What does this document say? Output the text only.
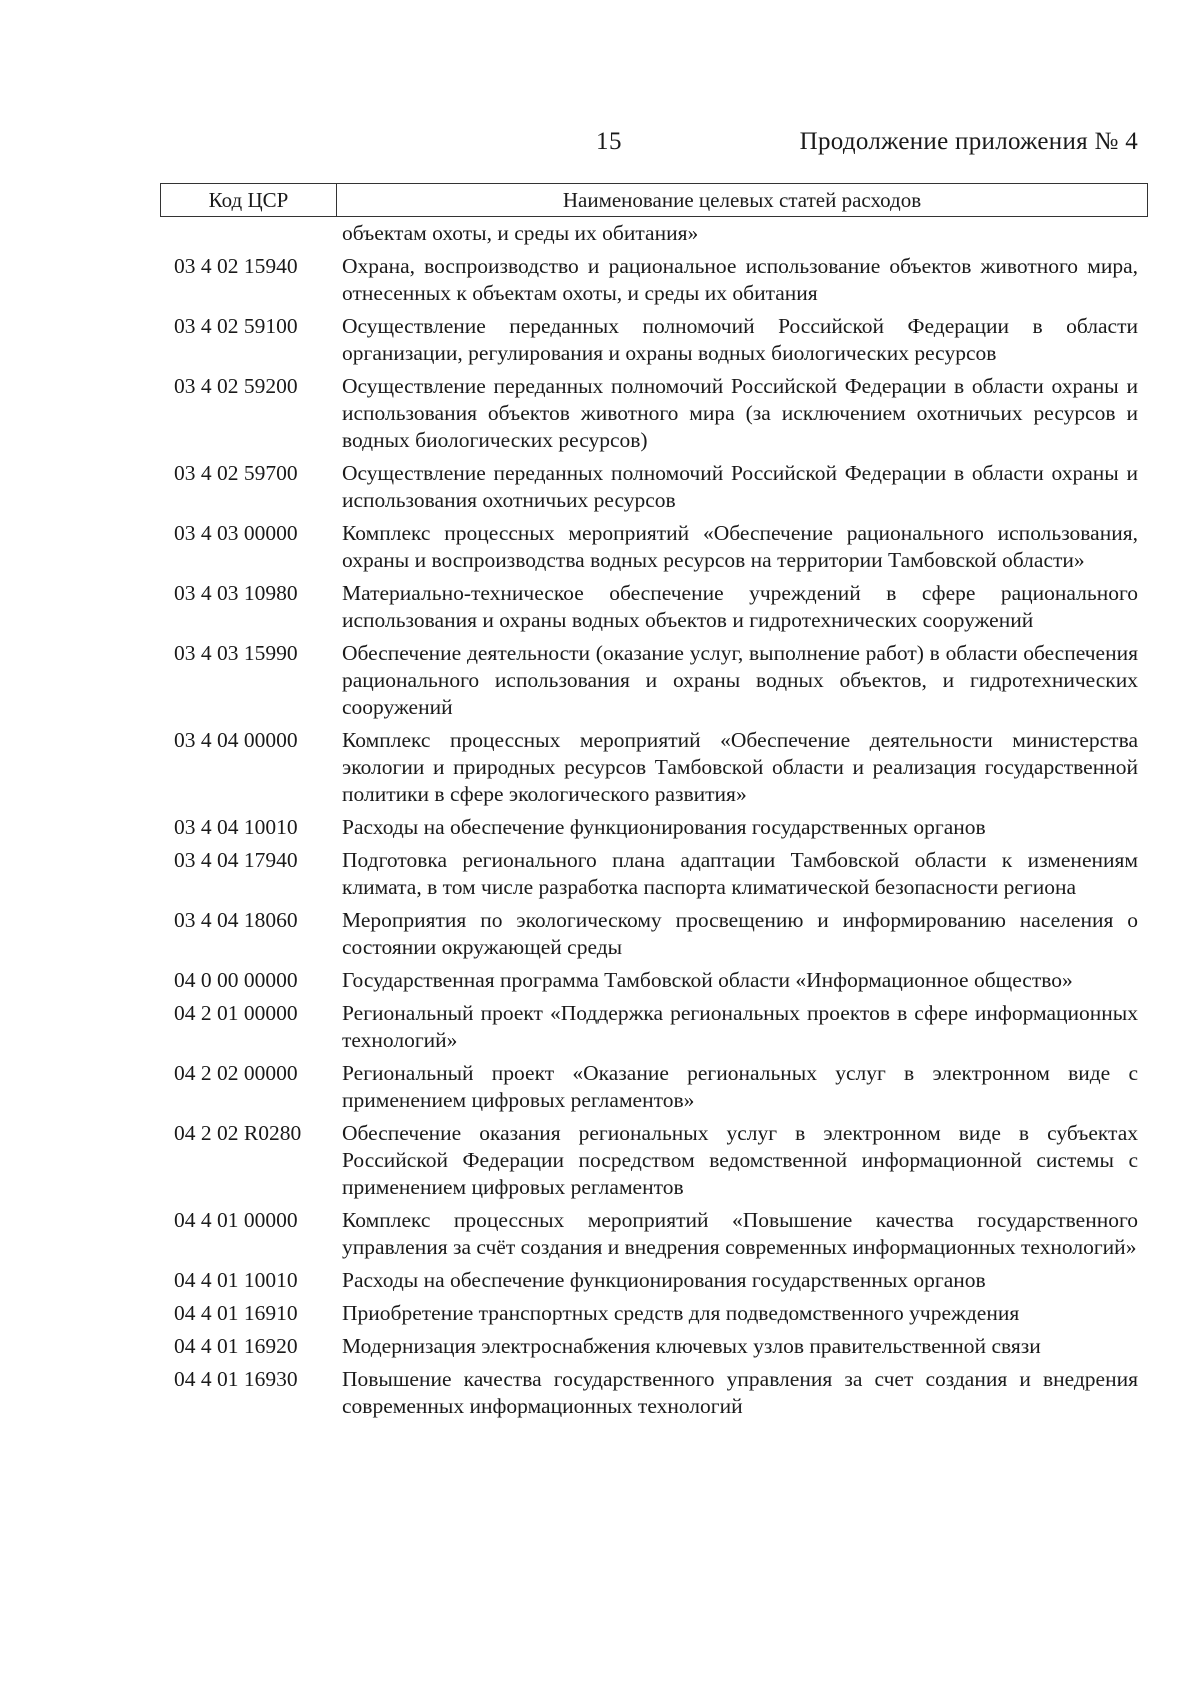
15	Продолжение приложения № 4
Код ЦСР	Наименование целевых статей расходов
объектам охоты, и среды их обитания»
03 4 02 15940	Охрана, воспроизводство и рациональное использование объектов животного мира, отнесенных к объектам охоты, и среды их обитания
03 4 02 59100	Осуществление переданных полномочий Российской Федерации в области организации, регулирования и охраны водных биологических ресурсов
03 4 02 59200	Осуществление переданных полномочий Российской Федерации в области охраны и использования объектов животного мира (за исключением охотничьих ресурсов и водных биологических ресурсов)
03 4 02 59700	Осуществление переданных полномочий Российской Федерации в области охраны и использования охотничьих ресурсов
03 4 03 00000	Комплекс процессных мероприятий «Обеспечение рационального использования, охраны и воспроизводства водных ресурсов на территории Тамбовской области»
03 4 03 10980	Материально-техническое обеспечение учреждений в сфере рационального использования и охраны водных объектов и гидротехнических сооружений
03 4 03 15990	Обеспечение деятельности (оказание услуг, выполнение работ) в области обеспечения рационального использования и охраны водных объектов, и гидротехнических сооружений
03 4 04 00000	Комплекс процессных мероприятий «Обеспечение деятельности министерства экологии и природных ресурсов Тамбовской области и реализация государственной политики в сфере экологического развития»
03 4 04 10010	Расходы на обеспечение функционирования государственных органов
03 4 04 17940	Подготовка регионального плана адаптации Тамбовской области к изменениям климата, в том числе разработка паспорта климатической безопасности региона
03 4 04 18060	Мероприятия по экологическому просвещению и информированию населения о состоянии окружающей среды
04 0 00 00000	Государственная программа Тамбовской области «Информационное общество»
04 2 01 00000	Региональный проект «Поддержка региональных проектов в сфере информационных технологий»
04 2 02 00000	Региональный проект «Оказание региональных услуг в электронном виде с применением цифровых регламентов»
04 2 02 R0280	Обеспечение оказания региональных услуг в электронном виде в субъектах Российской Федерации посредством ведомственной информационной системы с применением цифровых регламентов
04 4 01 00000	Комплекс процессных мероприятий «Повышение качества государственного управления за счёт создания и внедрения современных информационных технологий»
04 4 01 10010	Расходы на обеспечение функционирования государственных органов
04 4 01 16910	Приобретение транспортных средств для подведомственного учреждения
04 4 01 16920	Модернизация электроснабжения ключевых узлов правительственной связи
04 4 01 16930	Повышение качества государственного управления за счет создания и внедрения современных информационных технологий
